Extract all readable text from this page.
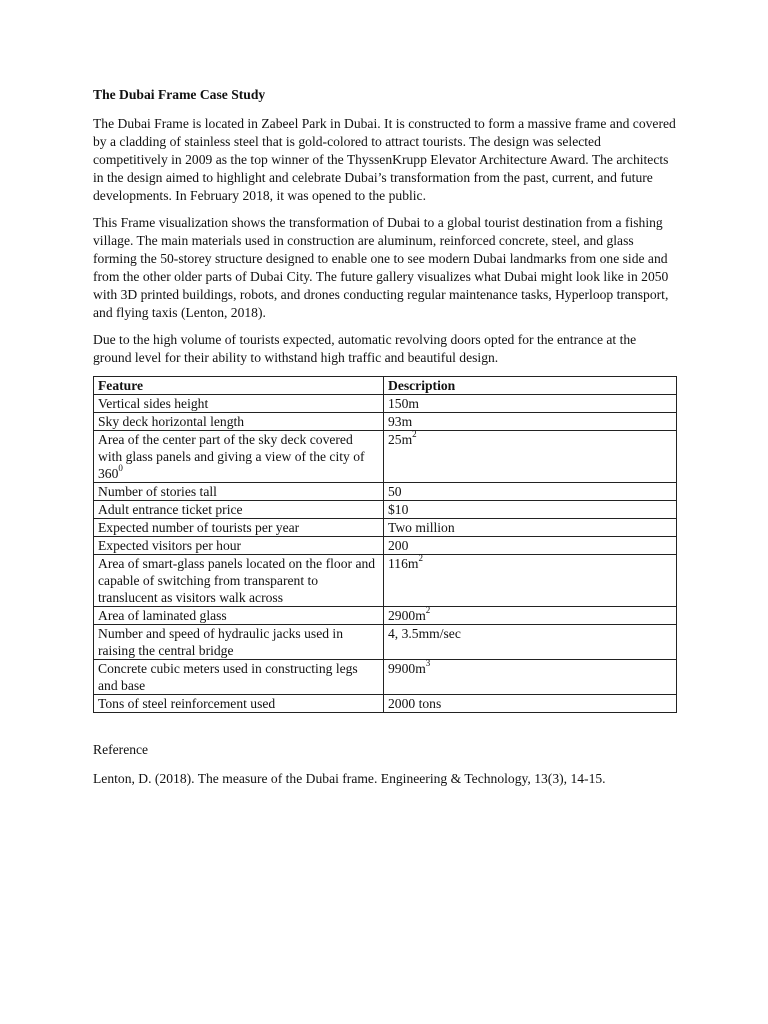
The Dubai Frame Case Study

The Dubai Frame is located in Zabeel Park in Dubai. It is constructed to form a massive frame and covered by a cladding of stainless steel that is gold-colored to attract tourists. The design was selected competitively in 2009 as the top winner of the ThyssenKrupp Elevator Architecture Award. The architects in the design aimed to highlight and celebrate Dubai’s transformation from the past, current, and future developments. In February 2018, it was opened to the public.

This Frame visualization shows the transformation of Dubai to a global tourist destination from a fishing village. The main materials used in construction are aluminum, reinforced concrete, steel, and glass forming the 50-storey structure designed to enable one to see modern Dubai landmarks from one side and from the other older parts of Dubai City. The future gallery visualizes what Dubai might look like in 2050 with 3D printed buildings, robots, and drones conducting regular maintenance tasks, Hyperloop transport, and flying taxis (Lenton, 2018).

Due to the high volume of tourists expected, automatic revolving doors opted for the entrance at the ground level for their ability to withstand high traffic and beautiful design.

Feature	Description
Vertical sides height	150m
Sky deck horizontal length	93m
Area of the center part of the sky deck covered with glass panels and giving a view of the city of $360^0$	$25m^2$
Number of stories tall	50
Adult entrance ticket price	$10
Expected number of tourists per year	Two million
Expected visitors per hour	200
Area of smart-glass panels located on the floor and capable of switching from transparent to translucent as visitors walk across	$116m^2$
Area of laminated glass	$2900m^2$
Number and speed of hydraulic jacks used in raising the central bridge	4, 3.5mm/sec
Concrete cubic meters used in constructing legs and base	$9900m^3$
Tons of steel reinforcement used	2000 tons

Reference

Lenton, D. (2018). The measure of the Dubai frame. Engineering & Technology, 13(3), 14-15.
